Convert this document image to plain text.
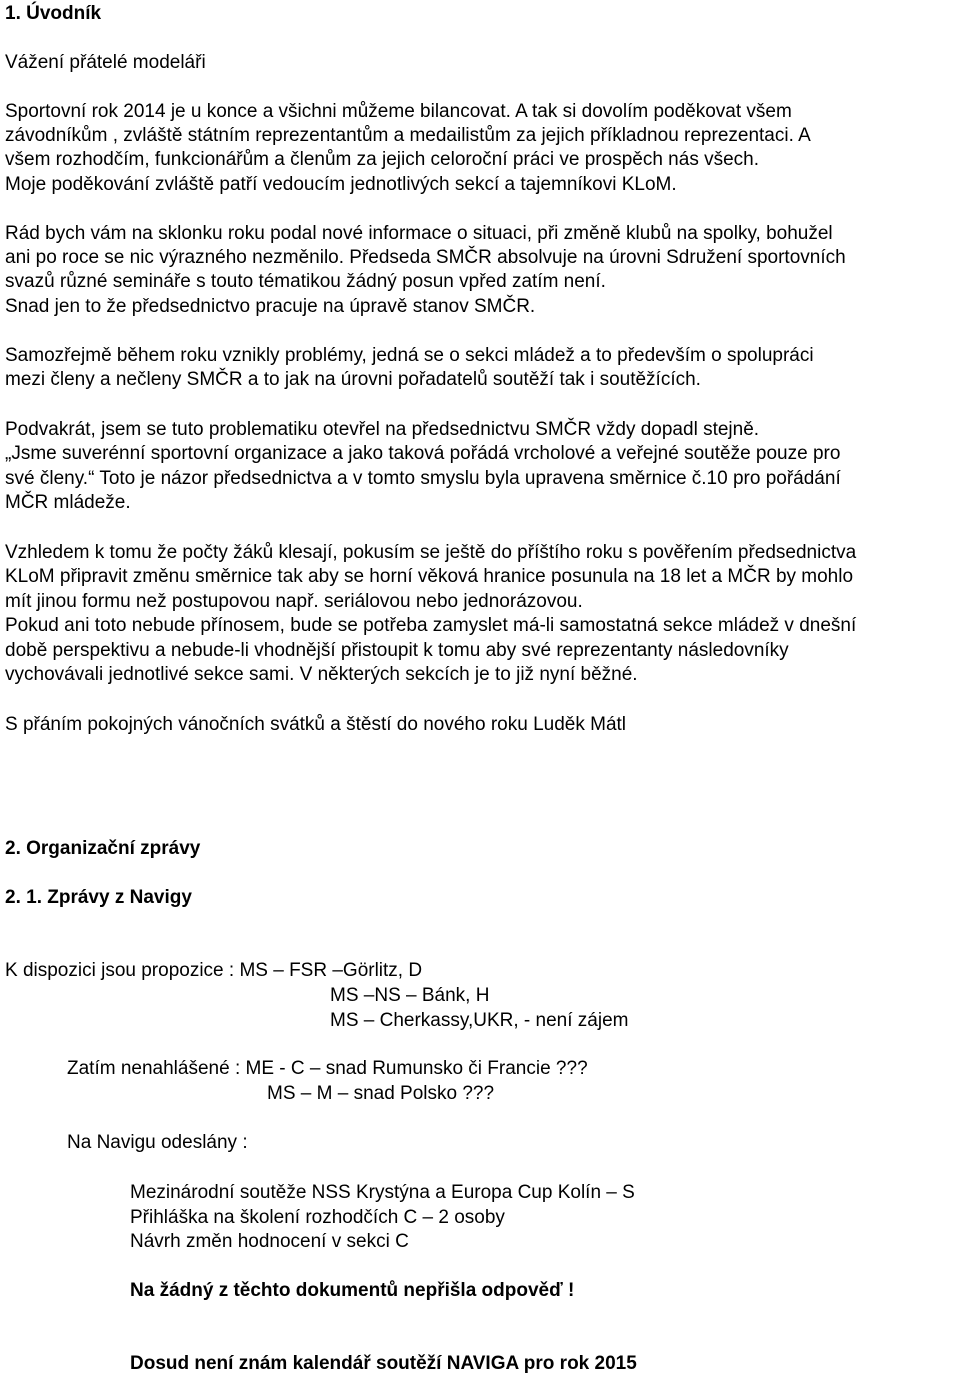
1. Úvodník
Vážení přátelé modeláři
Sportovní rok 2014 je u konce a všichni můžeme bilancovat. A tak si dovolím poděkovat všem
závodníkům , zvláště státním reprezentantům a medailistům za jejich příkladnou reprezentaci. A
všem rozhodčím, funkcionářům a členům za jejich celoroční práci ve prospěch nás všech.
Moje poděkování zvláště patří vedoucím jednotlivých sekcí a tajemníkovi KLoM.
Rád bych vám na sklonku roku podal nové informace o situaci, při změně klubů na spolky, bohužel
ani po roce se nic výrazného nezměnilo. Předseda SMČR absolvuje na úrovni Sdružení sportovních
svazů různé semináře s touto tématikou žádný posun vpřed zatím není.
Snad jen to že předsednictvo pracuje na úpravě stanov SMČR.
Samozřejmě během roku vznikly problémy, jedná se o sekci mládež a to především o spolupráci
mezi členy a nečleny SMČR a to jak na úrovni pořadatelů soutěží tak i soutěžících.
Podvakrát, jsem se tuto problematiku otevřel na předsednictvu SMČR vždy dopadl stejně.
„Jsme suverénní sportovní organizace a jako taková pořádá vrcholové a veřejné soutěže pouze pro
své členy.“ Toto je názor předsednictva a v tomto smyslu byla upravena směrnice č.10 pro pořádání
MČR mládeže.
Vzhledem k tomu že počty žáků klesají, pokusím se ještě do příštího roku s pověřením předsednictva
KLoM připravit změnu směrnice tak aby se horní věková hranice posunula na 18 let a MČR by mohlo
mít jinou formu než postupovou např. seriálovou nebo jednorázovou.
Pokud ani toto nebude přínosem, bude se potřeba zamyslet má-li samostatná sekce mládež v dnešní
době perspektivu a nebude-li vhodnější přistoupit k tomu aby své reprezentanty následovníky
vychovávali jednotlivé sekce sami. V některých sekcích je to již nyní běžné.
S přáním pokojných vánočních svátků a štěstí do nového roku Luděk Mátl
2. Organizační zprávy
2. 1. Zprávy z Navigy
K dispozici jsou propozice : MS – FSR –Görlitz, D
MS –NS – Bánk, H
MS – Cherkassy,UKR, - není zájem
Zatím nenahlášené : ME - C – snad Rumunsko či Francie ???
MS – M – snad Polsko ???
Na Navigu odeslány :
Mezinárodní soutěže NSS Krystýna a Europa Cup Kolín – S
Přihláška na školení rozhodčích C – 2 osoby
Návrh změn hodnocení v sekci C
Na žádný z těchto dokumentů nepřišla odpověď !
Dosud není znám kalendář soutěží NAVIGA pro rok 2015
